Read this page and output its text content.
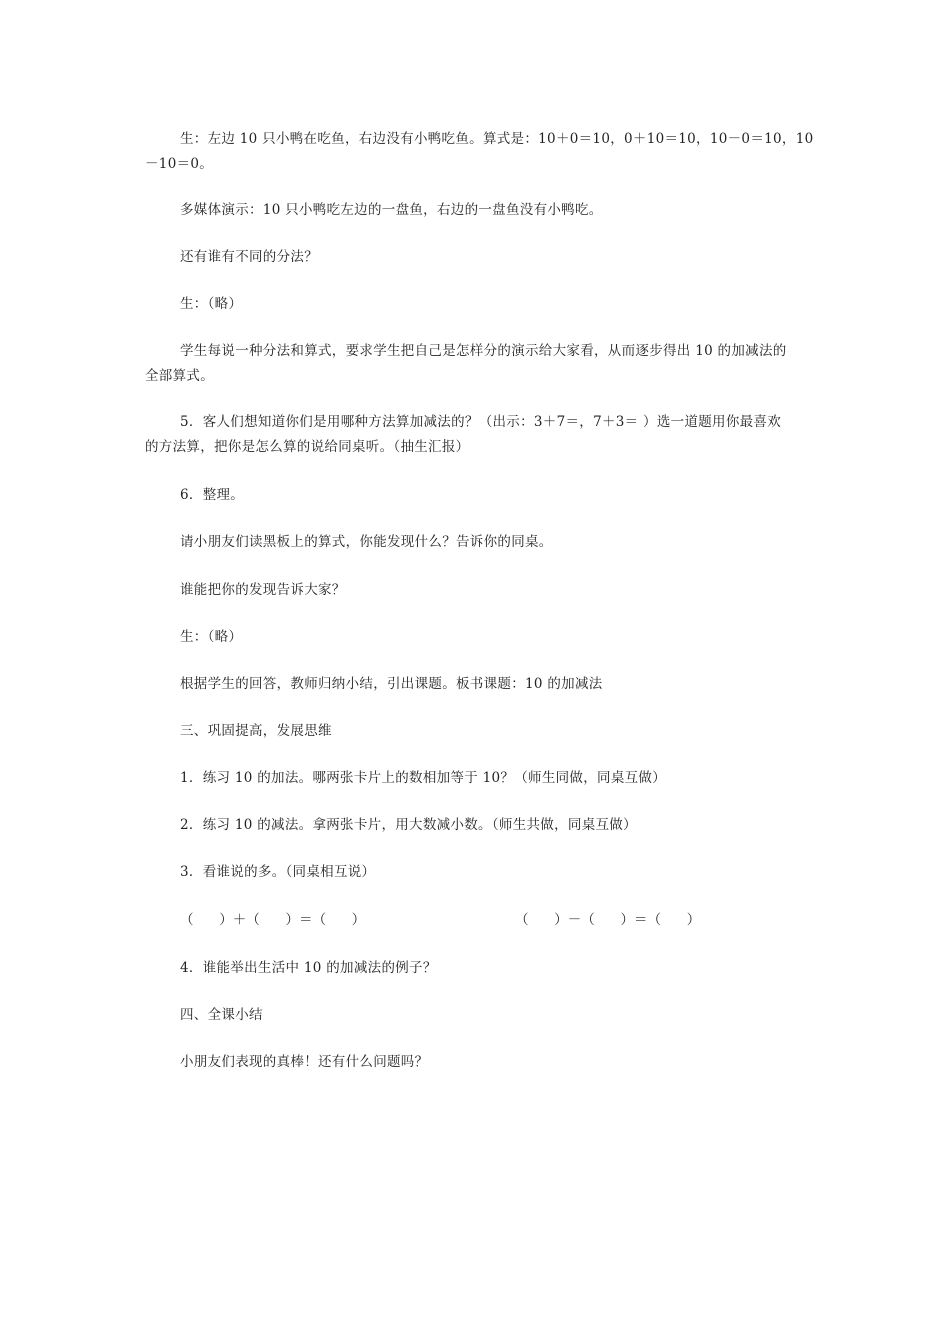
生：左边 10 只小鸭在吃鱼，右边没有小鸭吃鱼。算式是：10＋0＝10，0＋10＝10，10－0＝10，10
－10＝0。
多媒体演示：10 只小鸭吃左边的一盘鱼，右边的一盘鱼没有小鸭吃。
还有谁有不同的分法？
生：（略）
学生每说一种分法和算式，要求学生把自己是怎样分的演示给大家看，从而逐步得出 10 的加减法的
全部算式。
5．客人们想知道你们是用哪种方法算加减法的？（出示：3＋7＝，7＋3＝ ）选一道题用你最喜欢
的方法算，把你是怎么算的说给同桌听。（抽生汇报）
6．整理。
请小朋友们读黑板上的算式，你能发现什么？告诉你的同桌。
谁能把你的发现告诉大家？
生：（略）
根据学生的回答，教师归纳小结，引出课题。板书课题：10 的加减法
三、巩固提高，发展思维
1．练习 10 的加法。哪两张卡片上的数相加等于 10？（师生同做，同桌互做）
2．练习 10 的减法。拿两张卡片，用大数减小数。（师生共做，同桌互做）
3．看谁说的多。（同桌相互说）

（      ）＋（      ）＝（      ）

	（      ）－（      ）＝（      ）

4．谁能举出生活中 10 的加减法的例子？
四、全课小结
小朋友们表现的真棒！还有什么问题吗？
